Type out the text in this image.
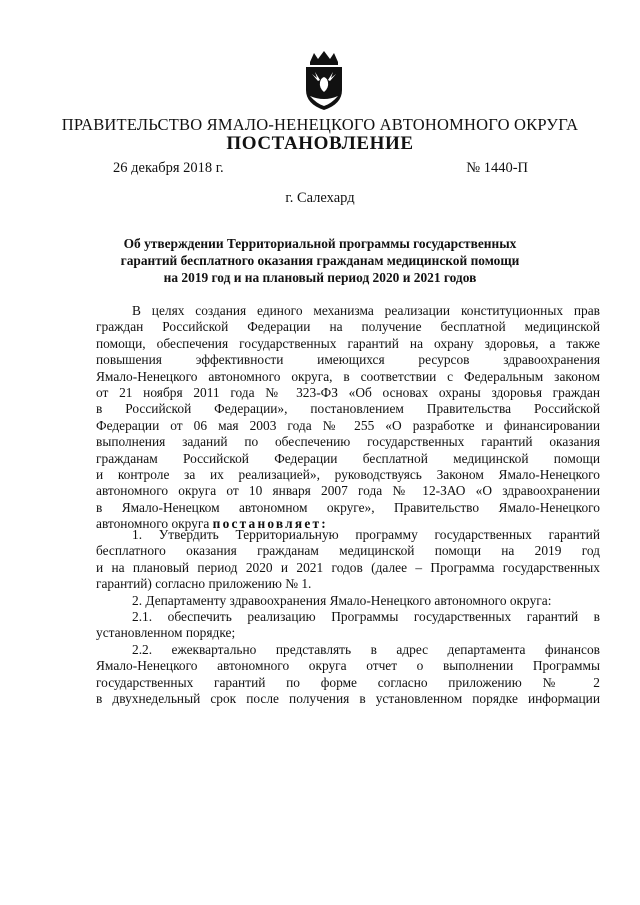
ПРАВИТЕЛЬСТВО ЯМАЛО-НЕНЕЦКОГО АВТОНОМНОГО ОКРУГА
ПОСТАНОВЛЕНИЕ
26 декабря 2018 г.	№ 1440-П
г. Салехард
Об утверждении Территориальной программы государственных
гарантий бесплатного оказания гражданам медицинской помощи
на 2019 год и на плановый период 2020 и 2021 годов
В целях создания единого механизма реализации конституционных прав
граждан Российской Федерации на получение бесплатной медицинской
помощи, обеспечения государственных гарантий на охрану здоровья, а также
повышения эффективности имеющихся ресурсов здравоохранения
Ямало-Ненецкого автономного округа, в соответствии с Федеральным законом
от 21 ноября 2011 года № 323-ФЗ «Об основах охраны здоровья граждан
в Российской Федерации», постановлением Правительства Российской
Федерации от 06 мая 2003 года № 255 «О разработке и финансировании
выполнения заданий по обеспечению государственных гарантий оказания
гражданам Российской Федерации бесплатной медицинской помощи
и контроле за их реализацией», руководствуясь Законом Ямало-Ненецкого
автономного округа от 10 января 2007 года № 12-ЗАО «О здравоохранении
в Ямало-Ненецком автономном округе», Правительство Ямало-Ненецкого
автономного округа постановляет:
1. Утвердить Территориальную программу государственных гарантий
бесплатного оказания гражданам медицинской помощи на 2019 год
и на плановый период 2020 и 2021 годов (далее – Программа государственных
гарантий) согласно приложению № 1.
2. Департаменту здравоохранения Ямало-Ненецкого автономного округа:
2.1. обеспечить реализацию Программы государственных гарантий в
установленном порядке;
2.2. ежеквартально представлять в адрес департамента финансов
Ямало-Ненецкого автономного округа отчет о выполнении Программы
государственных гарантий по форме согласно приложению № 2
в двухнедельный срок после получения в установленном порядке информации
